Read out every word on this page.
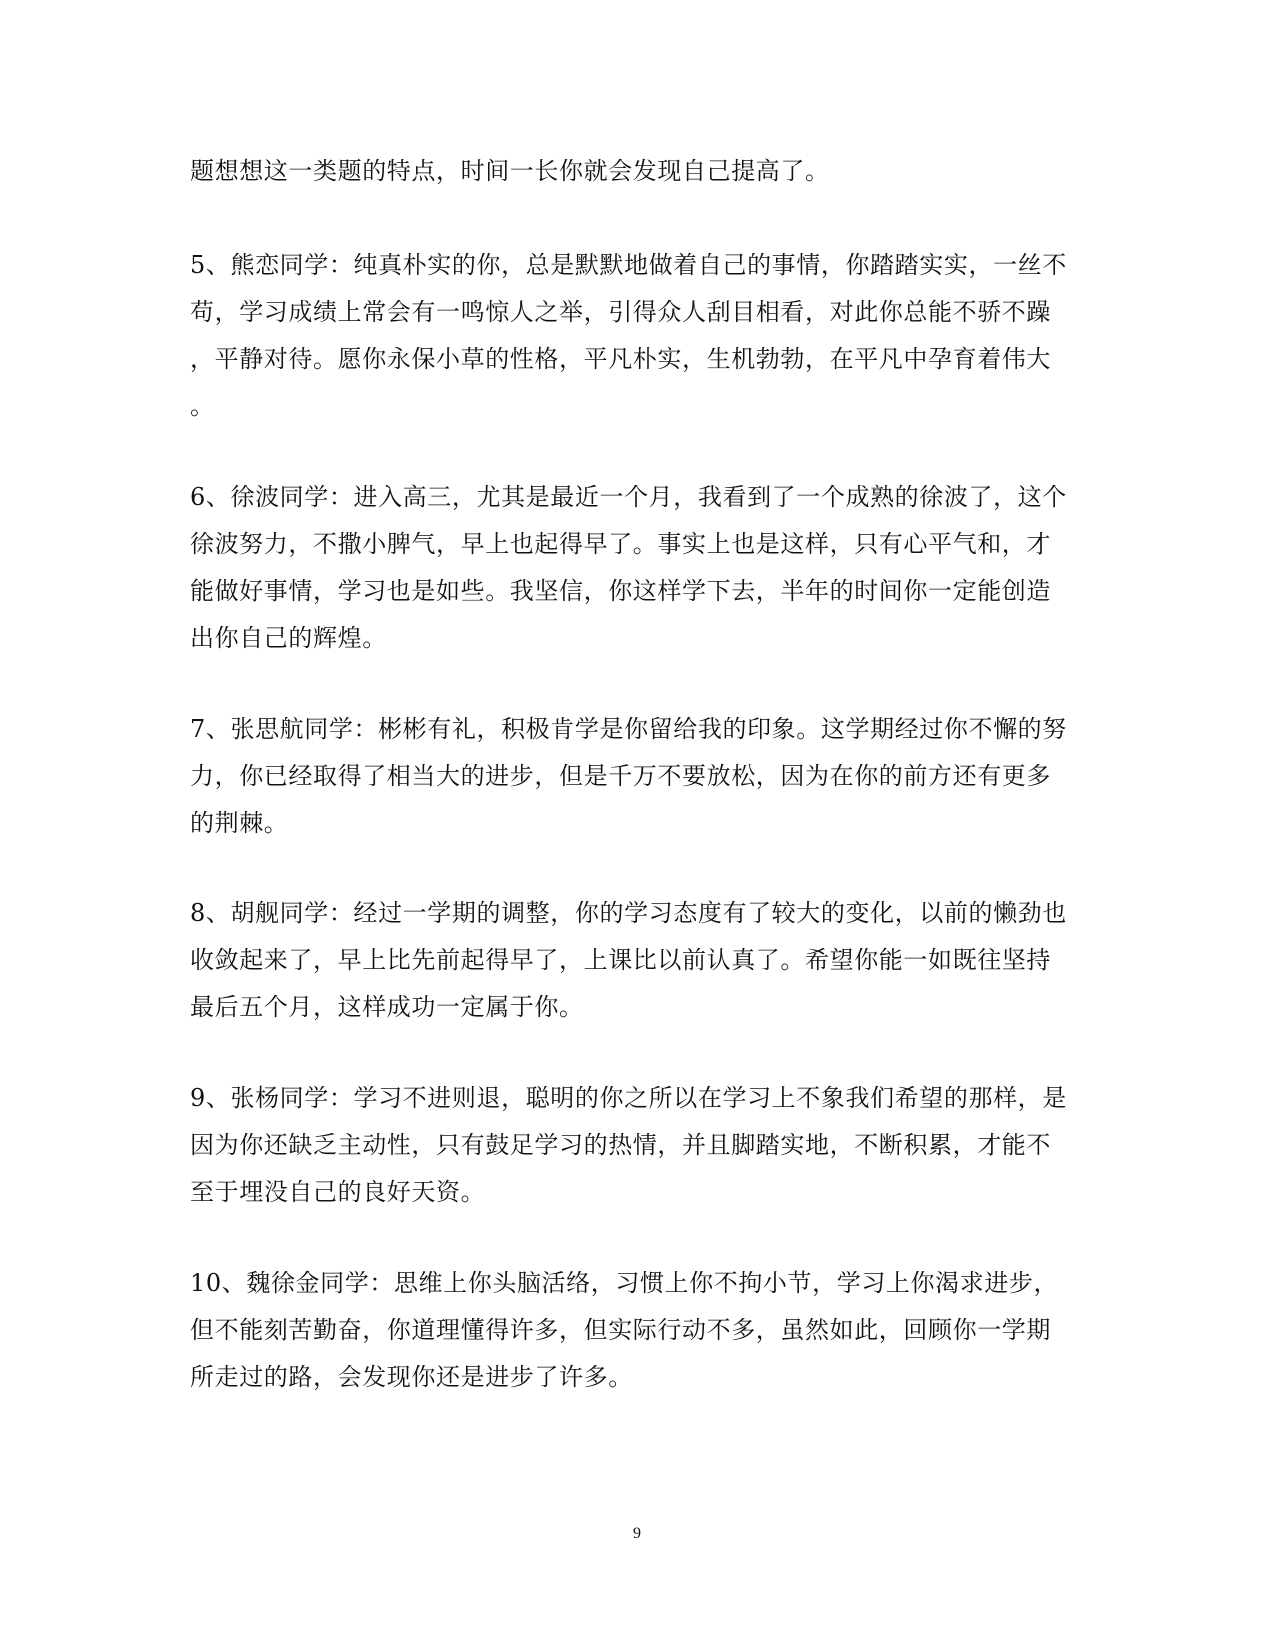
题想想这一类题的特点，时间一长你就会发现自己提高了。
5、熊恋同学：纯真朴实的你，总是默默地做着自己的事情，你踏踏实实，一丝不
苟，学习成绩上常会有一鸣惊人之举，引得众人刮目相看，对此你总能不骄不躁
，平静对待。愿你永保小草的性格，平凡朴实，生机勃勃，在平凡中孕育着伟大
。
6、徐波同学：进入高三，尤其是最近一个月，我看到了一个成熟的徐波了，这个
徐波努力，不撒小脾气，早上也起得早了。事实上也是这样，只有心平气和，才
能做好事情，学习也是如些。我坚信，你这样学下去，半年的时间你一定能创造
出你自己的辉煌。
7、张思航同学：彬彬有礼，积极肯学是你留给我的印象。这学期经过你不懈的努
力，你已经取得了相当大的进步，但是千万不要放松，因为在你的前方还有更多
的荆棘。
8、胡舰同学：经过一学期的调整，你的学习态度有了较大的变化，以前的懒劲也
收敛起来了，早上比先前起得早了，上课比以前认真了。希望你能一如既往坚持
最后五个月，这样成功一定属于你。
9、张杨同学：学习不进则退，聪明的你之所以在学习上不象我们希望的那样，是
因为你还缺乏主动性，只有鼓足学习的热情，并且脚踏实地，不断积累，才能不
至于埋没自己的良好天资。
10、魏徐金同学：思维上你头脑活络，习惯上你不拘小节，学习上你渴求进步，
但不能刻苦勤奋，你道理懂得许多，但实际行动不多，虽然如此，回顾你一学期
所走过的路，会发现你还是进步了许多。
9
